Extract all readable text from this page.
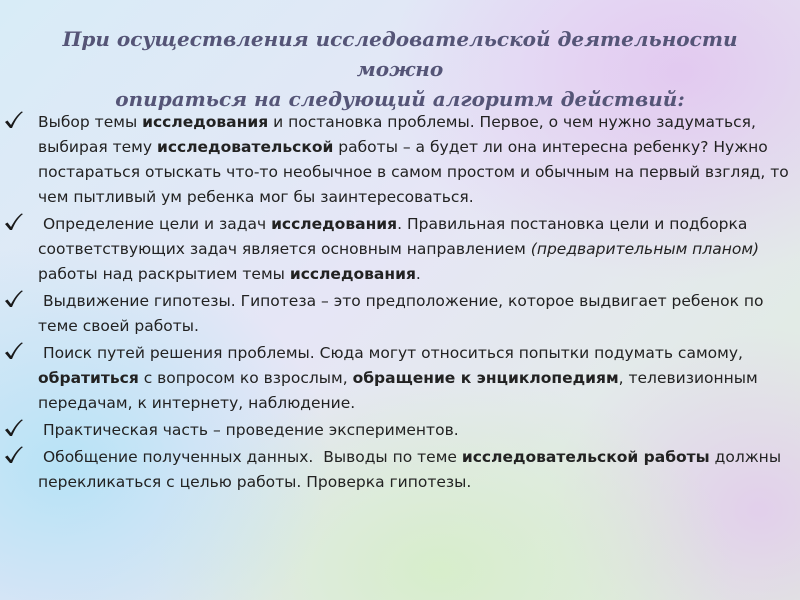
При осуществления исследовательской деятельности можно
опираться на следующий алгоритм действий:
Выбор темы исследования и постановка проблемы. Первое, о чем нужно задуматься, выбирая тему исследовательской работы – а будет ли она интересна ребенку? Нужно постараться отыскать что-то необычное в самом простом и обычным на первый взгляд, то чем пытливый ум ребенка мог бы заинтересоваться.
Определение цели и задач исследования. Правильная постановка цели и подборка соответствующих задач является основным направлением (предварительным планом) работы над раскрытием темы исследования.
Выдвижение гипотезы. Гипотеза – это предположение, которое выдвигает ребенок по теме своей работы.
Поиск путей решения проблемы. Сюда могут относиться попытки подумать самому, обратиться с вопросом ко взрослым, обращение к энциклопедиям, телевизионным передачам, к интернету, наблюдение.
Практическая часть – проведение экспериментов.
Обобщение полученных данных.  Выводы по теме исследовательской работы должны перекликаться с целью работы. Проверка гипотезы.
